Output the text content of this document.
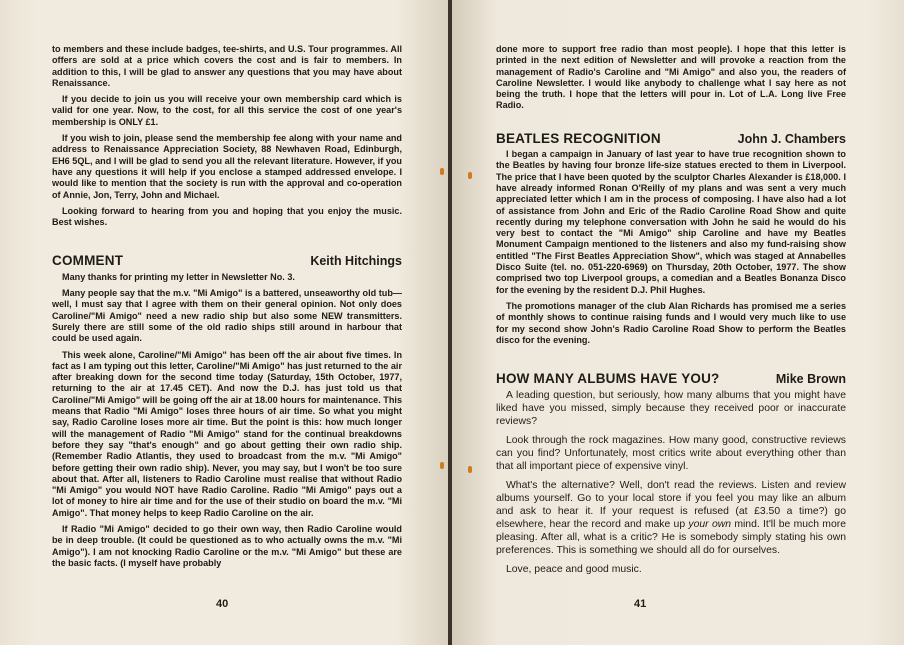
to members and these include badges, tee-shirts, and U.S. Tour programmes. All offers are sold at a price which covers the cost and is fair to members. In addition to this, I will be glad to answer any questions that you may have about Renaissance.

If you decide to join us you will receive your own membership card which is valid for one year. Now, to the cost, for all this service the cost of one year's membership is ONLY £1.

If you wish to join, please send the membership fee along with your name and address to Renaissance Appreciation Society, 88 Newhaven Road, Edinburgh, EH6 5QL, and I will be glad to send you all the relevant literature. However, if you have any questions it will help if you enclose a stamped addressed envelope. I would like to mention that the society is run with the approval and co-operation of Annie, Jon, Terry, John and Michael.

Looking forward to hearing from you and hoping that you enjoy the music. Best wishes.

COMMENT	Keith Hitchings

Many thanks for printing my letter in Newsletter No. 3.

Many people say that the m.v. "Mi Amigo" is a battered, unseaworthy old tub—well, I must say that I agree with them on their general opinion. Not only does Caroline/"Mi Amigo" need a new radio ship but also some NEW transmitters. Surely there are still some of the old radio ships still around in harbour that could be used again.

This week alone, Caroline/"Mi Amigo" has been off the air about five times. In fact as I am typing out this letter, Caroline/"Mi Amigo" has just returned to the air after breaking down for the second time today (Saturday, 15th October, 1977, returning to the air at 17.45 CET). And now the D.J. has just told us that Caroline/"Mi Amigo" will be going off the air at 18.00 hours for maintenance. This means that Radio "Mi Amigo" loses three hours of air time. So what you might say, Radio Caroline loses more air time. But the point is this: how much longer will the management of Radio "Mi Amigo" stand for the continual breakdowns before they say "that's enough" and go about getting their own radio ship. (Remember Radio Atlantis, they used to broadcast from the m.v. "Mi Amigo" before getting their own radio ship). Never, you may say, but I won't be too sure about that. After all, listeners to Radio Caroline must realise that without Radio "Mi Amigo" you would NOT have Radio Caroline. Radio "Mi Amigo" pays out a lot of money to hire air time and for the use of their studio on board the m.v. "Mi Amigo". That money helps to keep Radio Caroline on the air.

If Radio "Mi Amigo" decided to go their own way, then Radio Caroline would be in deep trouble. (It could be questioned as to who actually owns the m.v. "Mi Amigo"). I am not knocking Radio Caroline or the m.v. "Mi Amigo" but these are the basic facts. (I myself have probably

40

done more to support free radio than most people). I hope that this letter is printed in the next edition of Newsletter and will provoke a reaction from the management of Radio's Caroline and "Mi Amigo" and also you, the readers of Caroline Newsletter. I would like anybody to challenge what I say here as not being the truth. I hope that the letters will pour in. Lot of L.A. Long live Free Radio.

BEATLES RECOGNITION	John J. Chambers

I began a campaign in January of last year to have true recognition shown to the Beatles by having four bronze life-size statues erected to them in Liverpool. The price that I have been quoted by the sculptor Charles Alexander is £18,000. I have already informed Ronan O'Reilly of my plans and was sent a very much appreciated letter which I am in the process of composing. I have also had a lot of assistance from John and Eric of the Radio Caroline Road Show and quite recently during my telephone conversation with John he said he would do his very best to contact the "Mi Amigo" ship Caroline and have my Beatles Monument Campaign mentioned to the listeners and also my fund-raising show entitled "The First Beatles Appreciation Show", which was staged at Annabelles Disco Suite (tel. no. 051-220-6969) on Thursday, 20th October, 1977. The show comprised two top Liverpool groups, a comedian and a Beatles Bonanza Disco for the evening by the resident D.J. Phil Hughes.

The promotions manager of the club Alan Richards has promised me a series of monthly shows to continue raising funds and I would very much like to use for my second show John's Radio Caroline Road Show to perform the Beatles disco for the evening.

HOW MANY ALBUMS HAVE YOU?	Mike Brown

A leading question, but seriously, how many albums that you might have liked have you missed, simply because they received poor or inaccurate reviews?

Look through the rock magazines. How many good, constructive reviews can you find? Unfortunately, most critics write about everything other than that all important piece of expensive vinyl.

What's the alternative? Well, don't read the reviews. Listen and review albums yourself. Go to your local store if you feel you may like an album and ask to hear it. If your request is refused (at £3.50 a time?) go elsewhere, hear the record and make up your own mind. It'll be much more pleasing. After all, what is a critic? He is somebody simply stating his own preferences. This is something we should all do for ourselves.

Love, peace and good music.

41
